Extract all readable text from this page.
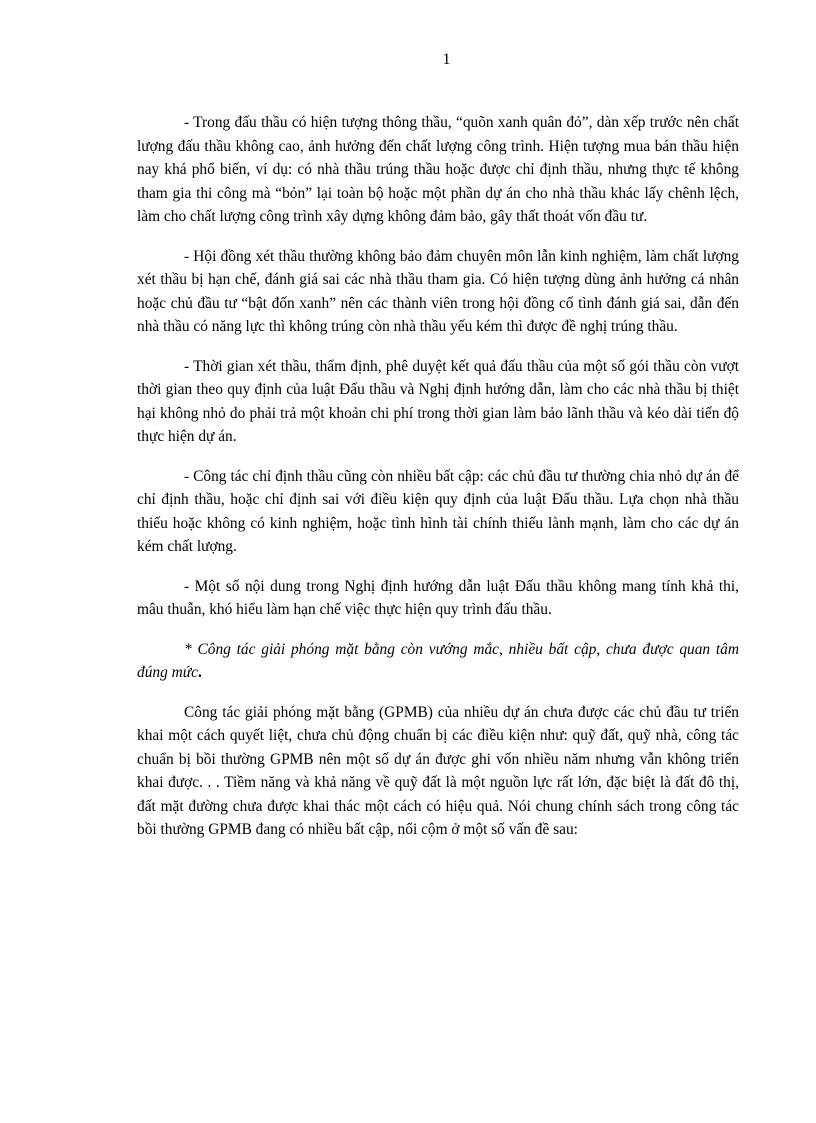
1

- Trong đấu thầu có hiện tượng thông thầu, “quõn xanh quân đỏ”, dàn xếp trước nên chất lượng đấu thầu không cao, ảnh hưởng đến chất lượng công trình. Hiện tượng mua bán thầu hiện nay khá phổ biến, ví dụ: có nhà thầu trúng thầu hoặc được chỉ định thầu, nhưng thực tế không tham gia thi công mà “bỏn” lại toàn bộ hoặc một phần dự án cho nhà thầu khác lấy chênh lệch, làm cho chất lượng công trình xây dựng không đảm bảo, gây thất thoát vốn đầu tư.

- Hội đồng xét thầu thường không bảo đảm chuyên môn lẫn kinh nghiệm, làm chất lượng xét thầu bị hạn chế, đánh giá sai các nhà thầu tham gia. Có hiện tượng dùng ảnh hưởng cá nhân hoặc chủ đầu tư “bật đốn xanh” nên các thành viên trong hội đồng cố tình đánh giá sai, dẫn đến nhà thầu có năng lực thì không trúng còn nhà thầu yếu kém thì được đề nghị trúng thầu.

- Thời gian xét thầu, thẩm định, phê duyệt kết quả đấu thầu của một số gói thầu còn vượt thời gian theo quy định của luật Đấu thầu và Nghị định hướng dẫn, làm cho các nhà thầu bị thiệt hại không nhỏ do phải trả một khoản chi phí trong thời gian làm bảo lãnh thầu và kéo dài tiến độ thực hiện dự án.

- Công tác chỉ định thầu cũng còn nhiều bất cập: các chủ đầu tư thường chia nhỏ dự án để chỉ định thầu, hoặc chỉ định sai với điều kiện quy định của luật Đấu thầu. Lựa chọn nhà thầu thiếu hoặc không có kinh nghiệm, hoặc tình hình tài chính thiếu lành mạnh, làm cho các dự án kém chất lượng.

- Một số nội dung trong Nghị định hướng dẫn luật Đấu thầu không mang tính khả thi, mâu thuẫn, khó hiểu làm hạn chế việc thực hiện quy trình đấu thầu.

* Công tác giải phóng mặt bằng còn vướng mắc, nhiều bất cập, chưa được quan tâm đúng mức.

Công tác giải phóng mặt bằng (GPMB) của nhiều dự án chưa được các chủ đầu tư triển khai một cách quyết liệt, chưa chủ động chuẩn bị các điều kiện như: quỹ đất, quỹ nhà, công tác chuẩn bị bồi thường GPMB nên một số dự án được ghi vốn nhiều năm nhưng vẫn không triển khai được. . . Tiềm năng và khả năng về quỹ đất là một nguồn lực rất lớn, đặc biệt là đất đô thị, đất mặt đường chưa được khai thác một cách có hiệu quả. Nói chung chính sách trong công tác bồi thường GPMB đang có nhiều bất cập, nổi cộm ở một số vấn đề sau:
